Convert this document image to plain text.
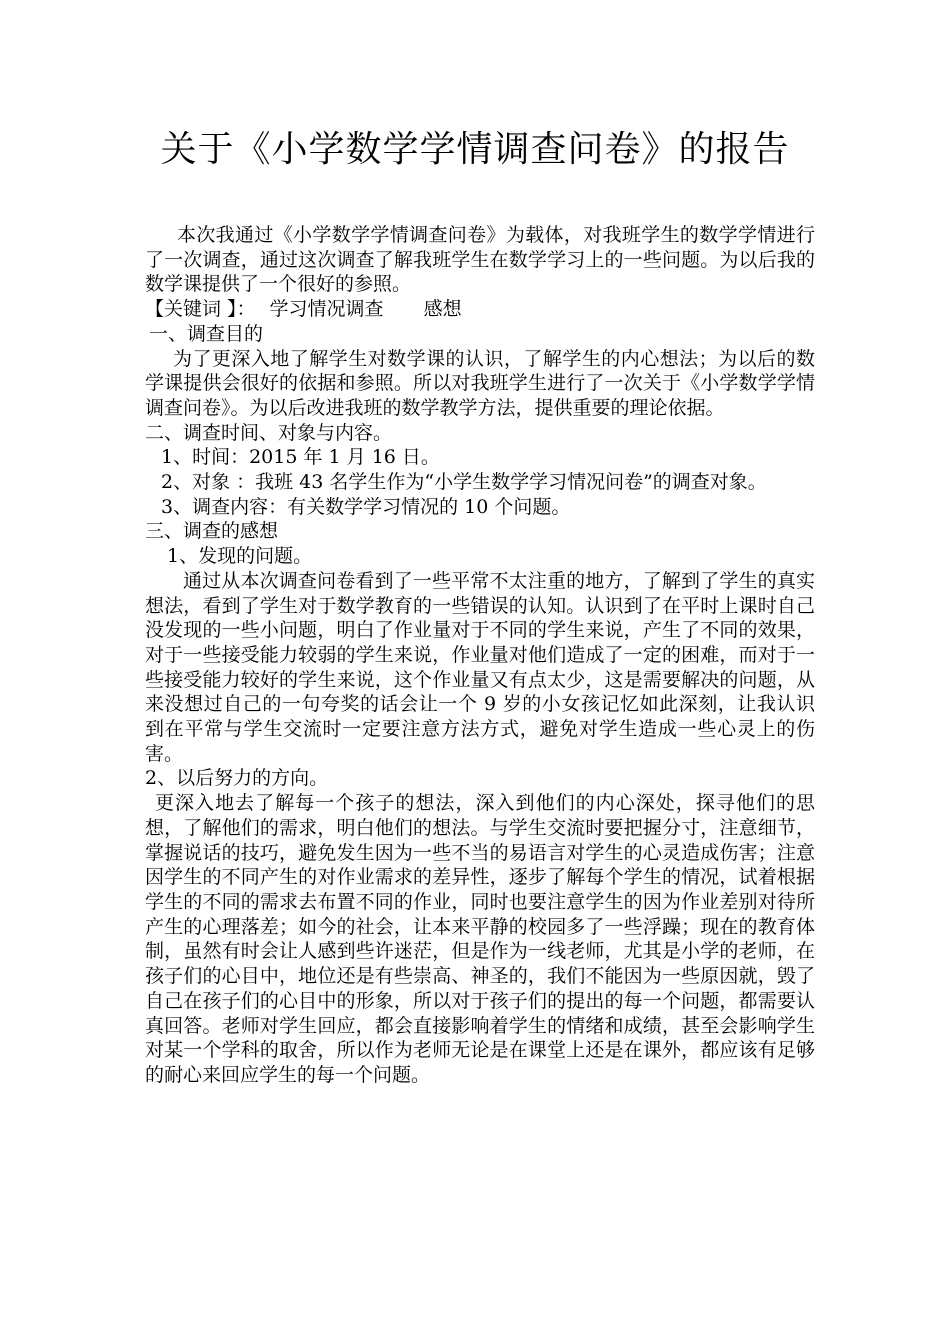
关于《小学数学学情调查问卷》的报告

本次我通过《小学数学学情调查问卷》为载体，对我班学生的数学学情进行了一次调查，通过这次调查了解我班学生在数学学习上的一些问题。为以后我的数学课提供了一个很好的参照。

【关键词 】： 学习情况调查 感想

一、调查目的

为了更深入地了解学生对数学课的认识，了解学生的内心想法；为以后的数学课提供会很好的依据和参照。所以对我班学生进行了一次关于《小学数学学情调查问卷》。为以后改进我班的数学教学方法，提供重要的理论依据。

二、调查时间、对象与内容。

1、时间：2015 年 1 月 16 日。

2、对象 ：我班 43 名学生作为“小学生数学学习情况问卷”的调查对象。

3、调查内容：有关数学学习情况的 10 个问题。

三、调查的感想

1、发现的问题。

通过从本次调查问卷看到了一些平常不太注重的地方，了解到了学生的真实想法，看到了学生对于数学教育的一些错误的认知。认识到了在平时上课时自己没发现的一些小问题，明白了作业量对于不同的学生来说，产生了不同的效果，对于一些接受能力较弱的学生来说，作业量对他们造成了一定的困难，而对于一些接受能力较好的学生来说，这个作业量又有点太少，这是需要解决的问题，从来没想过自己的一句夸奖的话会让一个 9 岁的小女孩记忆如此深刻，让我认识到在平常与学生交流时一定要注意方法方式，避免对学生造成一些心灵上的伤害。

2、以后努力的方向。

更深入地去了解每一个孩子的想法，深入到他们的内心深处，探寻他们的思想，了解他们的需求，明白他们的想法。与学生交流时要把握分寸，注意细节，掌握说话的技巧，避免发生因为一些不当的易语言对学生的心灵造成伤害；注意因学生的不同产生的对作业需求的差异性，逐步了解每个学生的情况，试着根据学生的不同的需求去布置不同的作业，同时也要注意学生的因为作业差别对待所产生的心理落差；如今的社会，让本来平静的校园多了一些浮躁；现在的教育体制，虽然有时会让人感到些许迷茫，但是作为一线老师，尤其是小学的老师，在孩子们的心目中，地位还是有些崇高、神圣的，我们不能因为一些原因就，毁了自己在孩子们的心目中的形象，所以对于孩子们的提出的每一个问题，都需要认真回答。老师对学生回应，都会直接影响着学生的情绪和成绩，甚至会影响学生对某一个学科的取舍，所以作为老师无论是在课堂上还是在课外，都应该有足够的耐心来回应学生的每一个问题。
